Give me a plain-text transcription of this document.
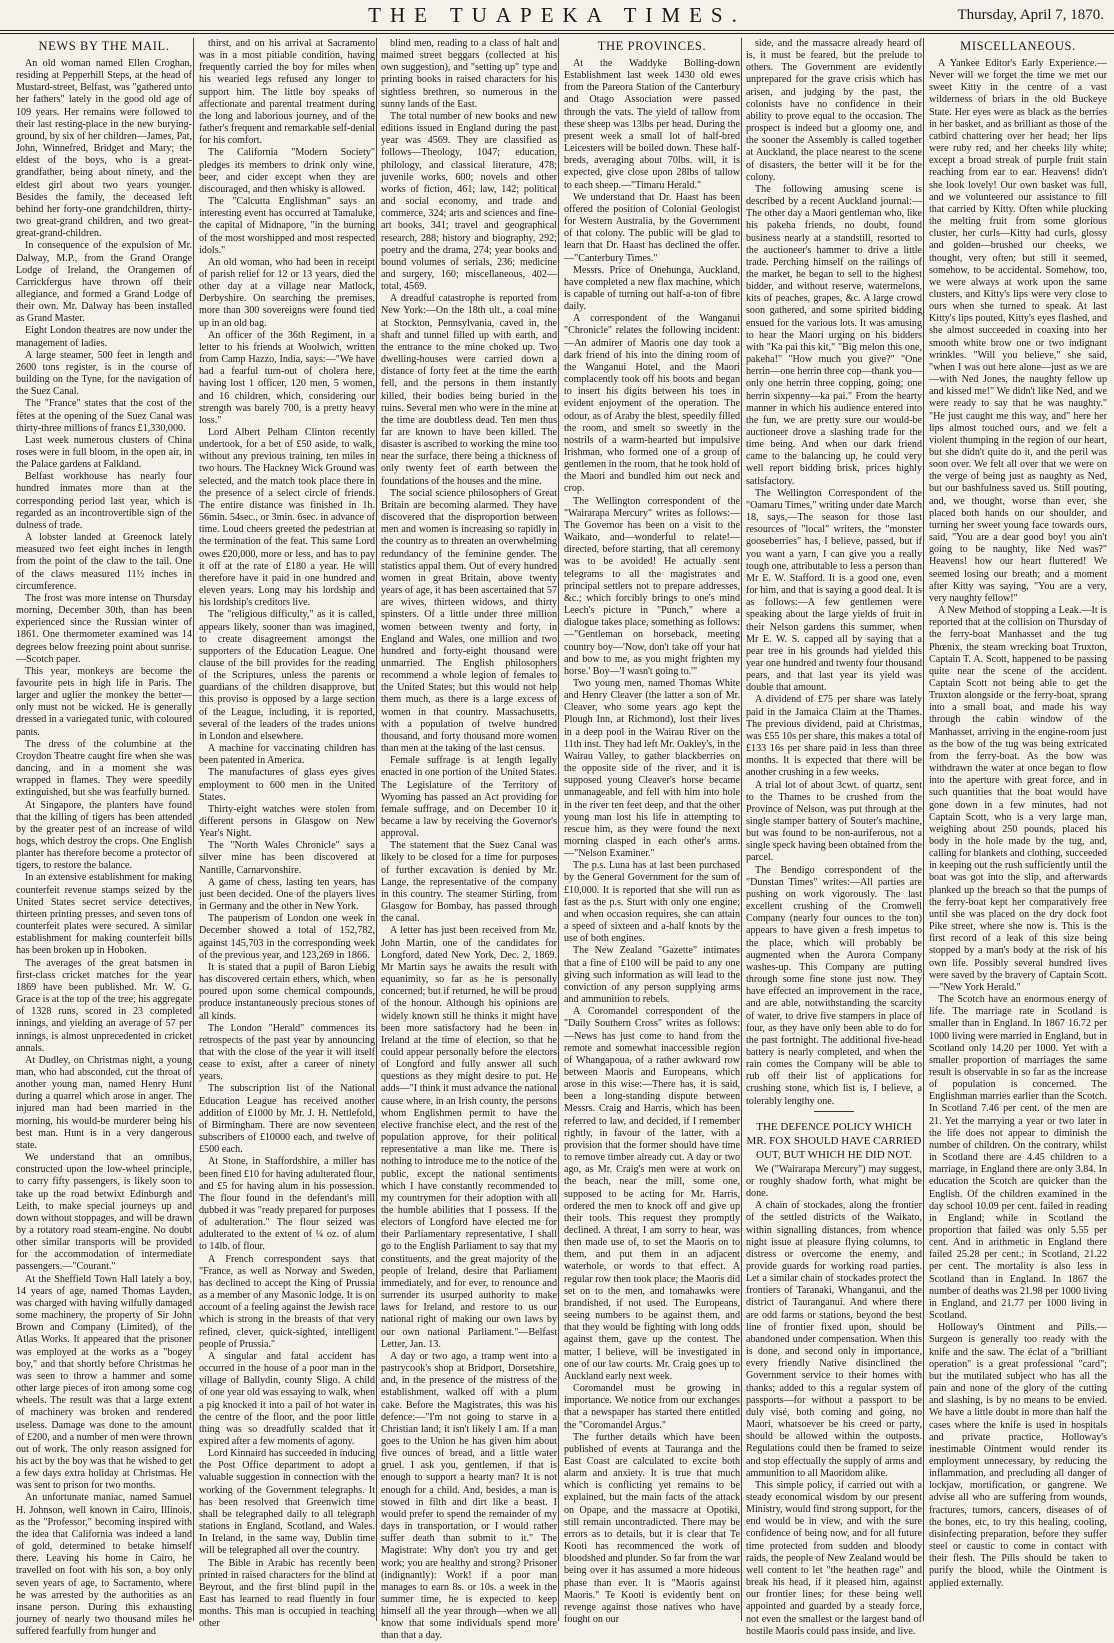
THE TUAPEKA TIMES.	Thursday, April 7, 1870.
NEWS BY THE MAIL.

An old woman named Ellen Croghan, residing at Pepperhill Steps, at the head of Mustard-street, Belfast, was "gathered unto her fathers" lately in the good old age of 109 years. Her remains were followed to their last resting-place in the new burying-ground, by six of her children—James, Pat, John, Winnefred, Bridget and Mary; the eldest of the boys, who is a great-grandfather, being about ninety, and the eldest girl about two years younger. Besides the family, the deceased left behind her forty-one grandchildren, thirty-two great-grand children, and two great-great-grand-children.

In consequence of the expulsion of Mr. Dalway, M.P., from the Grand Orange Lodge of Ireland, the Orangemen of Carrickfergus have thrown off their allegiance, and formed a Grand Lodge of their own. Mr. Dalway has been installed as Grand Master.

Eight London theatres are now under the management of ladies.

A large steamer, 500 feet in length and 2600 tons register, is in the course of building on the Tyne, for the navigation of the Suez Canal.

The "France" states that the cost of the fêtes at the opening of the Suez Canal was thirty-three millions of francs £1,330,000.

Last week numerous clusters of China roses were in full bloom, in the open air, in the Palace gardens at Falkland.

Belfast workhouse has nearly four hundred inmates more than at the corresponding period last year, which is regarded as an incontrovertible sign of the dulness of trade.

A lobster landed at Greenock lately measured two feet eight inches in length from the point of the claw to the tail. One of the claws measured 11½ inches in circumference.

The frost was more intense on Thursday morning, December 30th, than has been experienced since the Russian winter of 1861. One thermometer examined was 14 degrees below freezing point about sunrise.—Scotch paper.

This year, monkeys are become the favourite pets in high life in Paris. The larger and uglier the monkey the better—only must not be wicked. He is generally dressed in a variegated tunic, with coloured pants.

The dress of the columbine at the Croydon Theatre caught fire when she was dancing, and in a moment she was wrapped in flames. They were speedily extinguished, but she was fearfully burned.

At Singapore, the planters have found that the killing of tigers has been attended by the greater pest of an increase of wild hogs, which destroy the crops. One English planter has therefore become a protector of tigers, to restore the balance.

In an extensive establishment for making counterfeit revenue stamps seized by the United States secret service detectives, thirteen printing presses, and seven tons of counterfeit plates were secured. A similar establishment for making counterfeit bills has been broken up in Hoboken.

The averages of the great batsmen in first-class cricket matches for the year 1869 have been published. Mr. W. G. Grace is at the top of the tree; his aggregate of 1328 runs, scored in 23 completed innings, and yielding an average of 57 per innings, is almost unprecedented in cricket annals.

At Dudley, on Christmas night, a young man, who had absconded, cut the throat of another young man, named Henry Hunt during a quarrel which arose in anger. The injured man had been married in the morning, his would-be murderer being his best man. Hunt is in a very dangerous state.

We understand that an omnibus, constructed upon the low-wheel principle, to carry fifty passengers, is likely soon to take up the road betwixt Edinburgh and Leith, to make special journeys up and down without stoppages, and will be drawn by a rotatory road steam-engine. No doubt other similar transports will be provided for the accommodation of intermediate passengers.—"Courant."

At the Sheffield Town Hall lately a boy, 14 years of age, named Thomas Layden, was charged with having wilfully damaged some machinery, the property of Sir John Brown and Company (Limited), of the Atlas Works. It appeared that the prisoner was employed at the works as a "bogey boy," and that shortly before Christmas he was seen to throw a hammer and some other large pieces of iron among some cog wheels. The result was that a large extent of machinery was broken and rendered useless. Damage was done to the amount of £200, and a number of men were thrown out of work. The only reason assigned for his act by the boy was that he wished to get a few days extra holiday at Christmas. He was sent to prison for two months.

An unfortunate maniac, named Samuel H. Johnson, well known in Cairo, Illinois, as the "Professor," becoming inspired with the idea that California was indeed a land of gold, determined to betake himself there. Leaving his home in Cairo, he travelled on foot with his son, a boy only seven years of age, to Sacramento, where he was arrested by the authorities as an insane person. During this exhausting journey of nearly two thousand miles he suffered fearfully from hunger and

thirst, and on his arrival at Sacramento was in a most pitiable condition, having frequently carried the boy for miles when his wearied legs refused any longer to support him. The little boy speaks of affectionate and parental treatment during the long and laborious journey, and of the father's frequent and remarkable self-denial for his comfort.

The California "Modern Society" pledges its members to drink only wine, beer, and cider except when they are discouraged, and then whisky is allowed.

The "Calcutta Englishman" says an interesting event has occurred at Tamaluke, the capital of Midnapore, "in the burning of the most worshipped and most respected idols."

An old woman, who had been in receipt of parish relief for 12 or 13 years, died the other day at a village near Matlock, Derbyshire. On searching the premises, more than 300 sovereigns were found tied up in an old bag.

An officer of the 36th Regiment, in a letter to his friends at Woolwich, written from Camp Hazzo, India, says:—"We have had a fearful turn-out of cholera here, having lost 1 officer, 120 men, 5 women, and 16 children, which, considering our strength was barely 700, is a pretty heavy loss."

Lord Albert Pelham Clinton recently undertook, for a bet of £50 aside, to walk, without any previous training, ten miles in two hours. The Hackney Wick Ground was selected, and the match took place there in the presence of a select circle of friends. The entire distance was finished in 1h. 56min. 54sec., or 3min. 6sec. in advance of time. Loud cheers greeted the pedestrian at the termination of the feat. This same Lord owes £20,000, more or less, and has to pay it off at the rate of £180 a year. He will therefore have it paid in one hundred and eleven years. Long may his lordship and his lordship's creditors live.

The "religious difficulty," as it is called, appears likely, sooner than was imagined, to create disagreement amongst the supporters of the Education League. One clause of the bill provides for the reading of the Scriptures, unless the parents or guardians of the children disapprove, but this proviso is opposed by a large section of the League, including, it is reported, several of the leaders of the trades unions in London and elsewhere.

A machine for vaccinating children has been patented in America.

The manufactures of glass eyes gives employment to 600 men in the United States.

Thirty-eight watches were stolen from different persons in Glasgow on New Year's Night.

The "North Wales Chronicle" says a silver mine has been discovered at Nantille, Carnarvonshire.

A game of chess, lasting ten years, has just been decided. One of the players lives in Germany and the other in New York.

The pauperism of London one week in December showed a total of 152,782, against 145,703 in the corresponding week of the previous year, and 123,269 in 1866.

It is stated that a pupil of Baron Liebig has discovered certain ethers, which, when poured upon some chemical compounds, produce instantaneously precious stones of all kinds.

The London "Herald" commences its retrospects of the past year by announcing that with the close of the year it will itself cease to exist, after a career of ninety years.

The subscription list of the National Education League has received another addition of £1000 by Mr. J. H. Nettlefold, of Birmingham. There are now seventeen subscribers of £10000 each, and twelve of £500 each.

At Stone, in Staffordshire, a miller has been fined £10 for having adulterated flour, and £5 for having alum in his possession. The flour found in the defendant's mill dubbed it was "ready prepared for purposes of adulteration." The flour seized was adulterated to the extent of ¼ oz. of alum to 14lb. of flour.

A French correspondent says that "France, as well as Norway and Sweden, has declined to accept the King of Prussia as a member of any Masonic lodge. It is on account of a feeling against the Jewish race which is strong in the breasts of that very refined, clever, quick-sighted, intelligent people of Prussia."

A singular and fatal accident has occurred in the house of a poor man in the village of Ballydin, county Sligo. A child of one year old was essaying to walk, when a pig knocked it into a pail of hot water in the centre of the floor, and the poor little thing was so dreadfully scalded that it expired after a few moments of agony.

Lord Kinnaird has succeeded in inducing the Post Office department to adopt a valuable suggestion in connection with the working of the Government telegraphs. It has been resolved that Greenwich time shall be telegraphed daily to all telegraph stations in England, Scotland, and Wales. In Ireland, in the same way, Dublin time will be telegraphed all over the country.

The Bible in Arabic has recently been printed in raised characters for the blind at Beyrout, and the first blind pupil in the East has learned to read fluently in four months. This man is occupied in teaching other

blind men, reading to a class of halt and maimed street beggars (collected at his own suggestion), and "setting up" type and printing books in raised characters for his sightless brethren, so numerous in the sunny lands of the East.

The total number of new books and new editions issued in England during the past year was 4569. They are classified as follows—Theology, 1047; education, philology, and classical literature, 478; juvenile works, 600; novels and other works of fiction, 461; law, 142; political and social economy, and trade and commerce, 324; arts and sciences and fine-art books, 341; travel and geographical research, 288; history and biography, 292; poetry and the drama, 274; year books and bound volumes of serials, 236; medicine and surgery, 160; miscellaneous, 402—total, 4569.

A dreadful catastrophe is reported from New York:—On the 18th ult., a coal mine at Stockton, Pennsylvania, caved in, the shaft and tunnel filled up with earth, and the entrance to the mine choked up. Two dwelling-houses were carried down a distance of forty feet at the time the earth fell, and the persons in them instantly killed, their bodies being buried in the ruins. Several men who were in the mine at the time are doubtless dead. Ten men thus far are known to have been killed. The disaster is ascribed to working the mine too near the surface, there being a thickness of only twenty feet of earth between the foundations of the houses and the mine.

The social science philosophers of Great Britain are becoming alarmed. They have discovered that the disproportion between men and women is increasing so rapidly in the country as to threaten an overwhelming redundancy of the feminine gender. The statistics appal them. Out of every hundred women in great Britain, above twenty years of age, it has been ascertained that 57 are wives, thirteen widows, and thirty spinsters. Of a little under three million women between twenty and forty, in England and Wales, one million and two hundred and forty-eight thousand were unmarried. The English philosophers recommend a whole legion of females to the United States; but this would not help them much, as there is a large excess of women in that country. Massachusetts, with a population of twelve hundred thousand, and forty thousand more women than men at the taking of the last census.

Female suffrage is at length legally enacted in one portion of the United States. The Legislature of the Territory of Wyoming has passed an Act providing for female suffrage, and on December 10 it became a law by receiving the Governor's approval.

The statement that the Suez Canal was likely to be closed for a time for purposes of further excavation is denied by Mr. Lange, the representative of the company in this country. The steamer Stirling, from Glasgow for Bombay, has passed through the canal.

A letter has just been received from Mr. John Martin, one of the candidates for Longford, dated New York, Dec. 2, 1869. Mr Martin says he awaits the result with equanimity, so far as he is personally concerned; but if returned, he will be proud of the honour. Although his opinions are widely known still he thinks it might have been more satisfactory had he been in Ireland at the time of election, so that he could appear personally before the electors of Longford and fully answer all such questions as they might desire to put. He adds—"I think it must advance the national cause where, in an Irish county, the persons whom Englishmen permit to have the elective franchise elect, and the rest of the population approve, for their political representative a man like me. There is nothing to introduce me to the notice of the public, except the national sentiments which I have constantly recommended to my countrymen for their adoption with all the humble abilities that I possess. If the electors of Longford have elected me for their Parliamentary representative, I shall go to the English Parliament to say that my constituents, and the great majority of the people of Ireland, desire that Parliament immediately, and for ever, to renounce and surrender its usurped authority to make laws for Ireland, and restore to us our national right of making our own laws by our own national Parliament."—Belfast Letter, Jan. 13.

A day or two ago, a tramp went into a pastrycook's shop at Bridport, Dorsetshire, and, in the presence of the mistress of the establishment, walked off with a plum cake. Before the Magistrates, this was his defence:—"I'm not going to starve in a Christian land; it isn't likely I am. If a man goes to the Union he has given him about five ounces of bread, and a little water gruel. I ask you, gentlemen, if that is enough to support a hearty man? It is not enough for a child. And, besides, a man is stowed in filth and dirt like a beast. I would prefer to spend the remainder of my days in transportation, or I would rather suffer death than submit to it." The Magistrate: Why don't you try and get work; you are healthy and strong? Prisoner (indignantly): Work! if a poor man manages to earn 8s. or 10s. a week in the summer time, he is expected to keep himself all the year through—when we all know that some individuals spend more than that a day.

THE PROVINCES.

At the Waddyke Bolling-down Establishment last week 1430 old ewes from the Pareora Station of the Canterbury and Otago Association were passed through the vats. The yield of tallow from these sheep was 13lbs per head. During the present week a small lot of half-bred Leicesters will be boiled down. These half-breds, averaging about 70lbs. will, it is expected, give close upon 28lbs of tallow to each sheep.—"Timaru Herald."

We understand that Dr. Haast has been offered the position of Colonial Geologist for Western Australia, by the Government of that colony. The public will be glad to learn that Dr. Haast has declined the offer.—"Canterbury Times."

Messrs. Price of Onehunga, Auckland, have completed a new flax machine, which is capable of turning out half-a-ton of fibre daily.

A correspondent of the Wanganui "Chronicle" relates the following incident:—An admirer of Maoris one day took a dark friend of his into the dining room of the Wanganui Hotel, and the Maori complacently took off his boots and began to insert his digits between his toes in evident enjoyment of the operation. The odour, as of Araby the blest, speedily filled the room, and smelt so sweetly in the nostrils of a warm-hearted but impulsive Irishman, who formed one of a group of gentlemen in the room, that he took hold of the Maori and bundled him out neck and crop.

The Wellington correspondent of the "Wairarapa Mercury" writes as follows:—The Governor has been on a visit to the Waikato, and—wonderful to relate!—directed, before starting, that all ceremony was to be avoided! He actually sent telegrams to all the magistrates and principal settlers not to prepare addresses, &c.; which forcibly brings to one's mind Leech's picture in "Punch," where a dialogue takes place, something as follows:—"Gentleman on horseback, meeting country boy—'Now, don't take off your hat and bow to me, as you might frighten my horse.' Boy—'I wasn't going to.'"

Two young men, named Thomas White and Henry Cleaver (the latter a son of Mr. Cleaver, who some years ago kept the Plough Inn, at Richmond), lost their lives in a deep pool in the Wairau River on the 11th inst. They had left Mr. Oakley's, in the Wairau Valley, to gather blackberries on the opposite side of the river, and it is supposed young Cleaver's horse became unmanageable, and fell with him into hole in the river ten feet deep, and that the other young man lost his life in attempting to rescue him, as they were found the next morning clasped in each other's arms.—"Nelson Examiner."

The p.s. Luna has at last been purchased by the General Government for the sum of £10,000. It is reported that she will run as fast as the p.s. Sturt with only one engine; and when occasion requires, she can attain a speed of sixteen and a-half knots by the use of both engines.

The New Zealand "Gazette" intimates that a fine of £100 will be paid to any one giving such information as will lead to the conviction of any person supplying arms and ammunition to rebels.

A Coromandel correspondent of the "Daily Southern Cross" writes as follows:—News has just come to hand from the remote and somewhat inaccessible region of Whangapoua, of a rather awkward row between Maoris and Europeans, which arose in this wise:—There has, it is said, been a long-standing dispute between Messrs. Craig and Harris, which has been referred to law, and decided, if I remember rightly, in favour of the latter, with a provision that the former should have time to remove timber already cut. A day or two ago, as Mr. Craig's men were at work on the beach, near the mill, some one, supposed to be acting for Mr. Harris, ordered the men to knock off and give up their tools. This request they promptly declined. A threat, I am sorry to hear, was then made use of, to set the Maoris on to them, and put them in an adjacent waterhole, or words to that effect. A regular row then took place; the Maoris did set on to the men, and tomahawks were brandished, if not used. The Europeans, seeing numbers to be against them, and that they would be fighting with long odds against them, gave up the contest. The matter, I believe, will be investigated in one of our law courts. Mr. Craig goes up to Auckland early next week.

Coromandel must be growing in importance. We notice from our exchanges that a newspaper has started there entitled the "Coromandel Argus."

The further details which have been published of events at Tauranga and the East Coast are calculated to excite both alarm and anxiety. It is true that much which is conflicting yet remains to be explained, but the main facts of the attack on Opape, and the massacre at Opotiki, still remain uncontradicted. There may be errors as to details, but it is clear that Te Kooti has recommenced the work of bloodshed and plunder. So far from the war being over it has assumed a more hideous phase than ever. It is "Maoris against Maoris." Te Kooti is evidently bent on revenge against those natives who have fought on our

side, and the massacre already heard of is, it must be feared, but the prelude to others. The Government are evidently unprepared for the grave crisis which has arisen, and judging by the past, the colonists have no confidence in their ability to prove equal to the occasion. The prospect is indeed but a gloomy one, and the sooner the Assembly is called together at Auckland, the place nearest to the scene of disasters, the better will it be for the colony.

The following amusing scene is described by a recent Auckland journal:—The other day a Maori gentleman who, like his pakeha friends, no doubt, found business nearly at a standstill, resorted to the auctioneer's hammer to drive a little trade. Perching himself on the railings of the market, he began to sell to the highest bidder, and without reserve, watermelons, kits of peaches, grapes, &c. A large crowd soon gathered, and some spirited bidding ensued for the various lots. It was amusing to hear the Maori urging on his bidders with "Ka pai this kit," "Big melon this one, pakeha!" "How much you give?" "One herrin—one herrin three cop—thank you—only one herrin three copping, going; one herrin sixpenny—ka pai." From the hearty manner in which his audience entered into the fun, we are pretty sure our would-be auctioneer drove a slashing trade for the time being. And when our dark friend came to the balancing up, he could very well report bidding brisk, prices highly satisfactory.

The Wellington Correspondent of the "Oamaru Times," writing under date March 18, says,—The season for those last resources of "local" writers, the "monster gooseberries" has, I believe, passed, but if you want a yarn, I can give you a really tough one, attributable to less a person than Mr E. W. Stafford. It is a good one, even for him, and that is saying a good deal. It is as follows:—A few gentlemen were speaking about the large yields of fruit in their Nelson gardens this summer, when Mr E. W. S. capped all by saying that a pear tree in his grounds had yielded this year one hundred and twenty four thousand pears, and that last year its yield was double that amount.

A dividend of £75 per share was lately paid in the Jamaica Claim at the Thames. The previous dividend, paid at Christmas, was £55 10s per share, this makes a total of £133 16s per share paid in less than three months. It is expected that there will be another crushing in a few weeks.

A trial lot of about 3cwt. of quartz, sent to the Thames to be crushed from the Province of Nelson, was put through at the single stamper battery of Souter's machine, but was found to be non-auriferous, not a single speck having been obtained from the parcel.

The Bendigo correspondent of the "Dunstan Times" writes:—All parties are pushing on work vigorously. The last excellent crushing of the Cromwell Company (nearly four ounces to the ton) appears to have given a fresh impetus to the place, which will probably be augmented when the Aurora Company washes-up. This Company are putting through some fine stone just now. They have effected an improvement in the race, and are able, notwithstanding the scarcity of water, to drive five stampers in place of four, as they have only been able to do for the past fortnight. The additional five-head battery is nearly completed, and when the rain comes the Company will be able to rub off their list of applications for crushing stone, which list is, I believe, a tolerably lengthy one.

THE DEFENCE POLICY WHICH MR. FOX SHOULD HAVE CARRIED OUT, BUT WHICH HE DID NOT.

We ("Wairarapa Mercury") may suggest, or roughly shadow forth, what might be done.

A chain of stockades, along the frontier of the settled districts of the Waikato, within signalling distances, from whence night issue at pleasure flying columns, to distress or overcome the enemy, and provide guards for working road parties. Let a similar chain of stockades protect the frontiers of Taranaki, Whanganui, and the district of Tauranganui. And where there are odd farms or stations, beyond the best line of frontier fixed upon, should be abandoned under compensation. When this is done, and second only in importance, every friendly Native disinclined the Government service to their homes with thanks; added to this a regular system of passports—for without a passport to be duly visé, both coming and going, no Maori, whatsoever be his creed or party, should be allowed within the outposts. Regulations could then be framed to seize and stop effectually the supply of arms and ammunition to all Maoridom alike.

This simple policy, if carried out with a steady economical wisdom by our present Ministry, would find strong support, for the end would be in view, and with the sure confidence of being now, and for all future time protected from sudden and bloody raids, the people of New Zealand would be well content to let "the heathen rage" and break his head, if it pleased him, against our frontier lines; for these being well appointed and guarded by a steady force, not even the smallest or the largest band of hostile Maoris could pass inside, and live.

MISCELLANEOUS.

A Yankee Editor's Early Experience.—Never will we forget the time we met our sweet Kitty in the centre of a vast wilderness of briars in the old Buckeye State. Her eyes were as black as the berries in her basket, and as brilliant as those of the catbird chattering over her head; her lips were ruby red, and her cheeks lily white; except a broad streak of purple fruit stain reaching from ear to ear. Heavens! didn't she look lovely! Our own basket was full, and we volunteered our assistance to fill that carried by Kitty. Often while plucking the melting fruit from some glorious cluster, her curls—Kitty had curls, glossy and golden—brushed our cheeks, we thought, very often; but still it seemed, somehow, to be accidental. Somehow, too, we were always at work upon the same clusters, and Kitty's lips were very close to ours when she turned to speak. At last Kitty's lips pouted, Kitty's eyes flashed, and she almost succeeded in coaxing into her smooth white brow one or two indignant wrinkles. "Will you believe," she said, "when I was out here alone—just as we are—with Ned Jones, the naughty fellow up and kissed me!" We didn't like Ned, and we were ready to say that he was naughty." "He just caught me this way, and" here her lips almost touched ours, and we felt a violent thumping in the region of our heart, but she didn't quite do it, and the peril was soon over. We felt all over that we were on the verge of being just as naughty as Ned, but our bashfulness saved us. Still pouting, and, we thought, worse than ever, she placed both hands on our shoulder, and turning her sweet young face towards ours, said, "You are a dear good boy! you ain't going to be naughty, like Ned was?" Heavens! how our heart fluttered! We seemed losing our breath; and a moment after Kitty was saying, "You are a very, very naughty fellow!"

A New Method of stopping a Leak.—It is reported that at the collision on Thursday of the ferry-boat Manhasset and the tug Phœnix, the steam wrecking boat Truxton, Captain T. A. Scott, happened to be passing quite near the scene of the accident. Captain Scott not being able to get the Truxton alongside or the ferry-boat, sprang into a small boat, and made his way through the cabin window of the Manhasset, arriving in the engine-room just as the bow of the tug was being extricated from the ferry-boat. As the bow was withdrawn the water at once began to flow into the aperture with great force, and in such quantities that the boat would have gone down in a few minutes, had not Captain Scott, who is a very large man, weighing about 250 pounds, placed his body in the hole made by the tug, and, calling for blankets and clothing, succeeded in keeping out the rush sufficiently until the boat was got into the slip, and afterwards planked up the breach so that the pumps of the ferry-boat kept her comparatively free until she was placed on the dry dock foot Pike street, where she now is. This is the first record of a leak of this size being stopped by a man's body at the risk of his own life. Possibly several hundred lives were saved by the bravery of Captain Scott.—"New York Herald."

The Scotch have an enormous energy of life. The marriage rate in Scotland is smaller than in England. In 1867 16.72 per 1000 living were married in England, but in Scotland only 14.20 per 1000. Yet with a smaller proportion of marriages the same result is observable in so far as the increase of population is concerned. The Englishman marries earlier than the Scotch. In Scotland 7.46 per cent. of the men are 21. Yet the marrying a year or two later in the life does not appear to diminish the number of children. On the contrary, whilst in Scotland there are 4.45 children to a marriage, in England there are only 3.84. In education the Scotch are quicker than the English. Of the children examined in the day school 10.09 per cent. failed in reading in England; while in Scotland the proportion that failed was only 5.55 per cent. And in arithmetic in England there failed 25.28 per cent.; in Scotland, 21.22 per cent. The mortality is also less in Scotland than in England. In 1867 the number of deaths was 21.98 per 1000 living in England, and 21.77 per 1000 living in Scotland.

Holloway's Ointment and Pills.—Surgeon is generally too ready with the knife and the saw. The éclat of a "brilliant operation" is a great professional "card"; but the mutilated subject who has all the pain and none of the glory of the cutting and slashing, is by no means to be envied. We have a little doubt in more than half the cases where the knife is used in hospitals and private practice, Holloway's inestimable Ointment would render its employment unnecessary, by reducing the inflammation, and precluding all danger of lockjaw, mortification, or gangrene. We advise all who are suffering from wounds, fractures, tumors, cancers, diseases of of the bones, etc, to try this healing, cooling, disinfecting preparation, before they suffer steel or caustic to come in contact with their flesh. The Pills should be taken to purify the blood, while the Ointment is applied externally.
